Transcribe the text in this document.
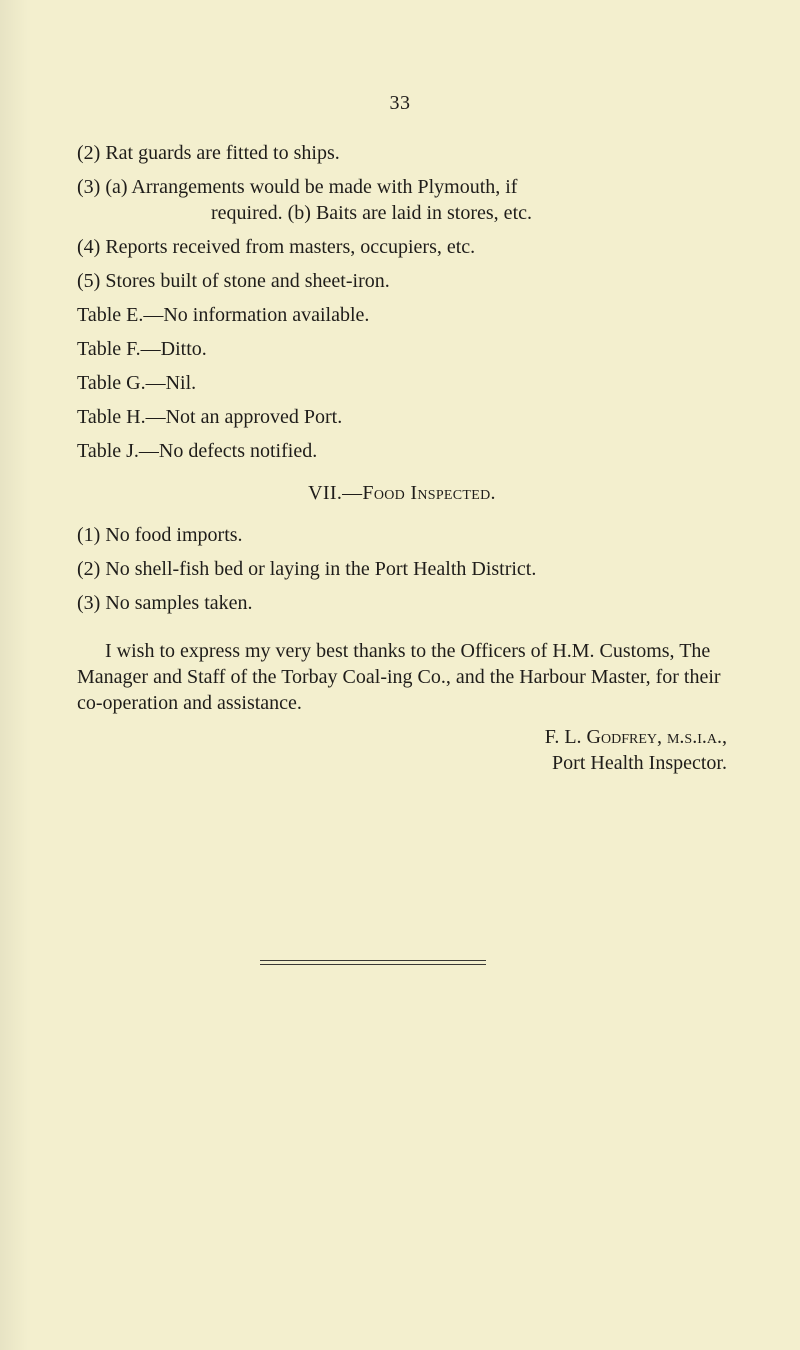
33
(2) Rat guards are fitted to ships.
(3) (a) Arrangements would be made with Plymouth, if
required. (b) Baits are laid in stores, etc.
(4) Reports received from masters, occupiers, etc.
(5) Stores built of stone and sheet-iron.
Table E.—No information available.
Table F.—Ditto.
Table G.—Nil.
Table H.—Not an approved Port.
Table J.—No defects notified.
VII.—Food Inspected.
(1) No food imports.
(2) No shell-fish bed or laying in the Port Health District.
(3) No samples taken.
I wish to express my very best thanks to the Officers of H.M. Customs, The Manager and Staff of the Torbay Coal-ing Co., and the Harbour Master, for their co-operation and assistance.
F. L. Godfrey, m.s.i.a.,
Port Health Inspector.
